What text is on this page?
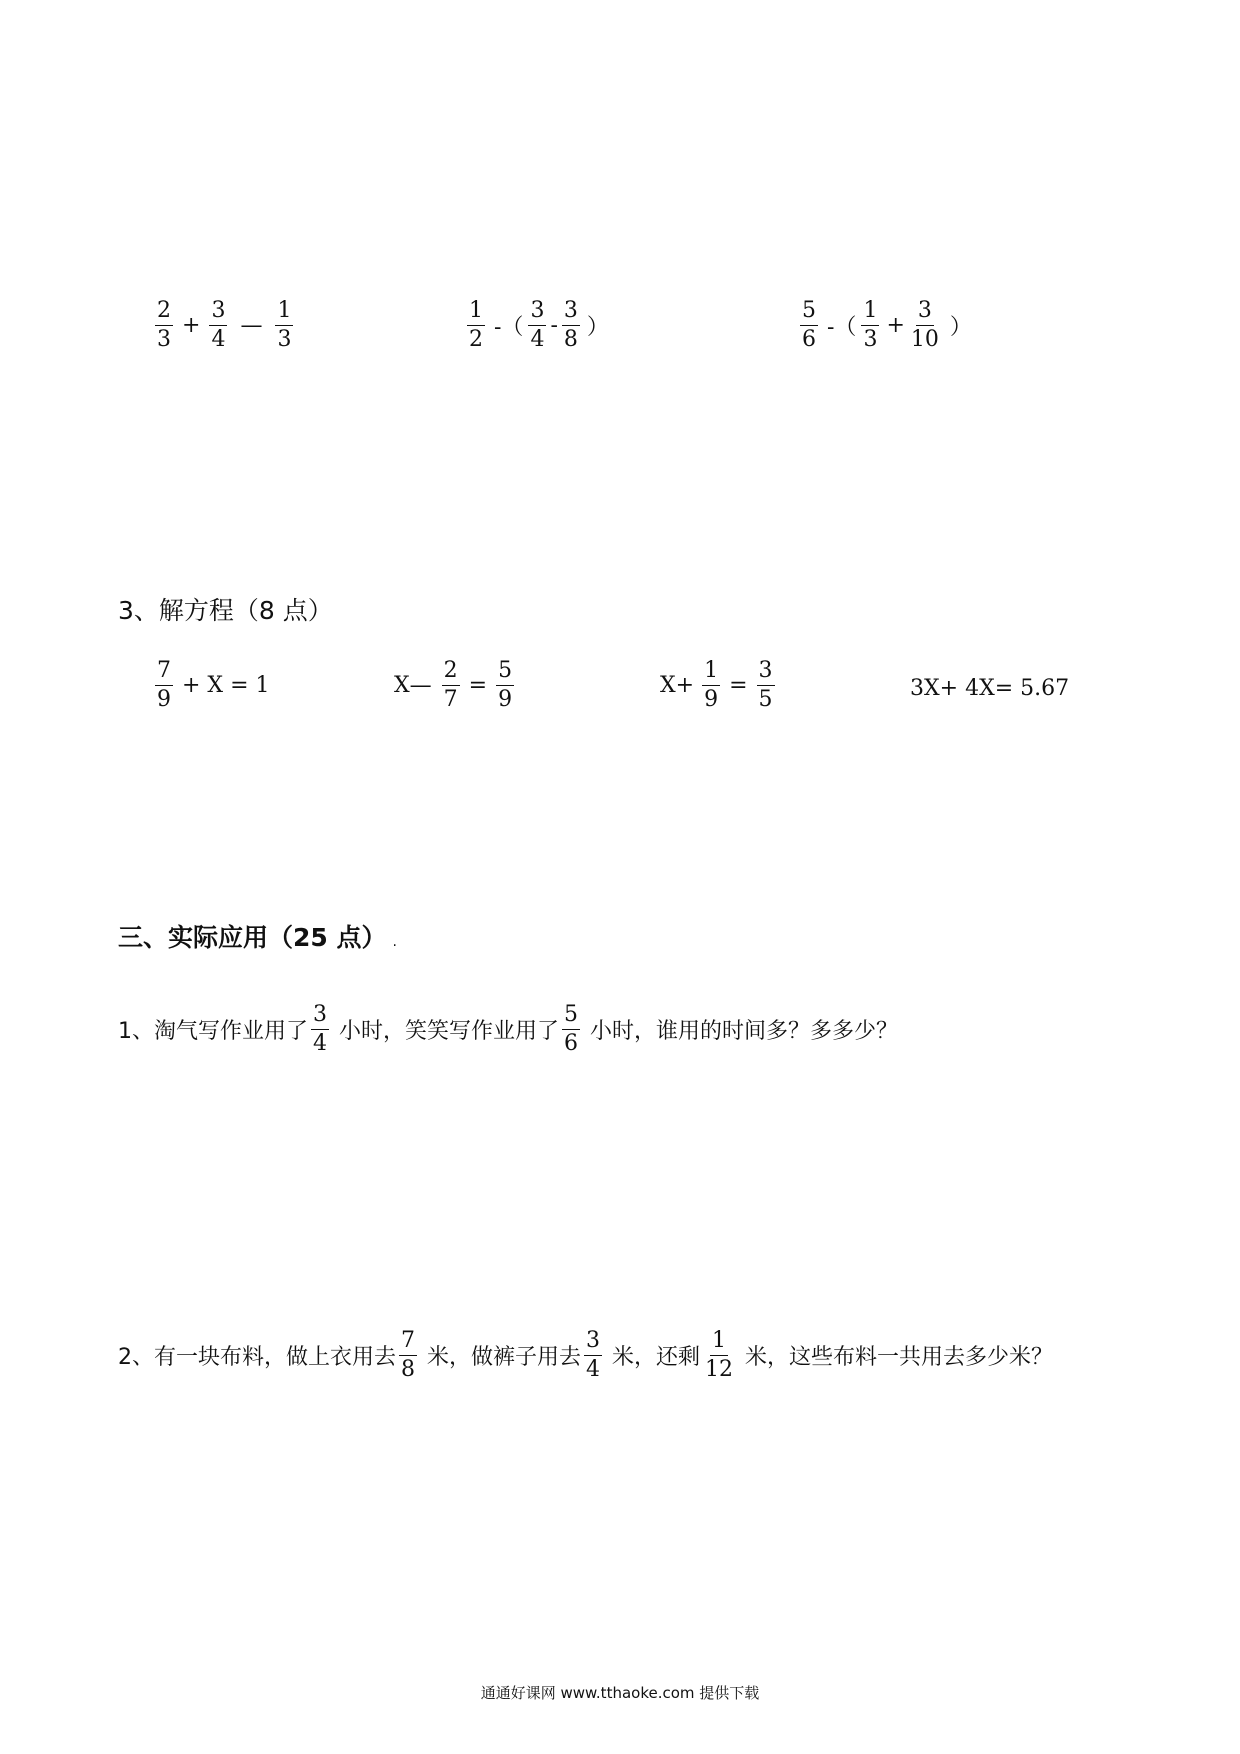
$\frac{2}{3} + \frac{3}{4}$ — $\frac{1}{3}$	$\frac{1}{2}$ -（ $\frac{3}{4} - \frac{3}{8}$ ）	$\frac{5}{6}$ -（ $\frac{1}{3} + \frac{3}{10}$ ）
3、解方程（8 点）
$\frac{7}{9} + X = 1$	X— $\frac{2}{7} = \frac{5}{9}$	$X+ \frac{1}{9} = \frac{3}{5}$	3X+ 4X= 5.67
三、实际应用（25 点） .
1、淘气写作业用了 $\frac{3}{4}$ 小时，笑笑写作业用了 $\frac{5}{6}$ 小时，谁用的时间多？多多少？
2、有一块布料，做上衣用去 $\frac{7}{8}$ 米，做裤子用去 $\frac{3}{4}$ 米，还剩 $\frac{1}{12}$ 米，这些布料一共用去多少米？
通通好课网 www.tthaoke.com 提供下载
